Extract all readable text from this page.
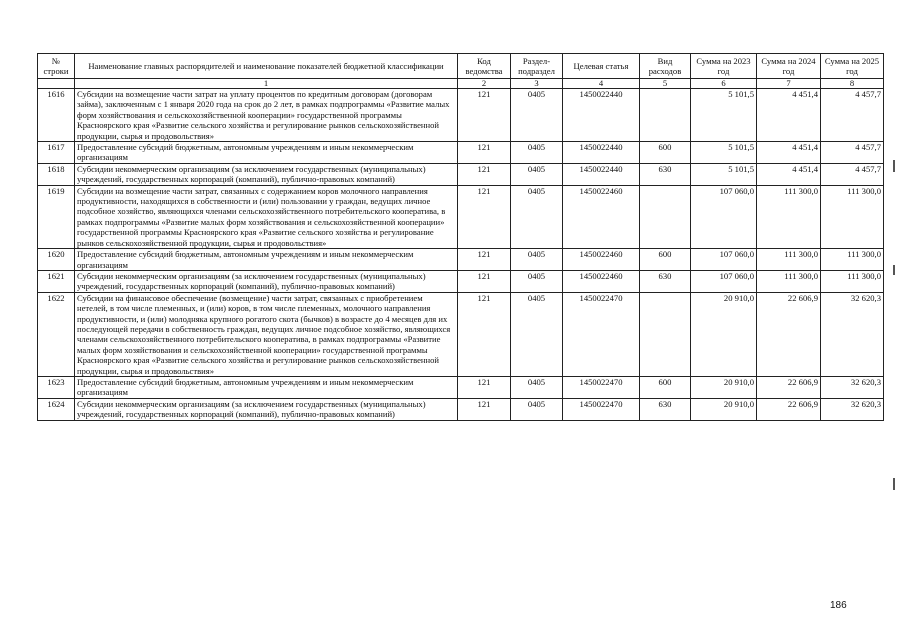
№ строки	Наименование главных распорядителей и наименование показателей бюджетной классификации	Код ведомства	Раздел-подраздел	Целевая статья	Вид расходов	Сумма на 2023 год	Сумма на 2024 год	Сумма на 2025 год
	1	2	3	4	5	6	7	8
1616	Субсидии на возмещение части затрат на уплату процентов по кредитным договорам (договорам займа), заключенным с 1 января 2020 года на срок до 2 лет, в рамках подпрограммы «Развитие малых форм хозяйствования и сельскохозяйственной кооперации» государственной программы Красноярского края «Развитие сельского хозяйства и регулирование рынков сельскохозяйственной продукции, сырья и продовольствия»	121	0405	1450022440		5 101,5	4 451,4	4 457,7
1617	Предоставление субсидий бюджетным, автономным учреждениям и иным некоммерческим организациям	121	0405	1450022440	600	5 101,5	4 451,4	4 457,7
1618	Субсидии некоммерческим организациям (за исключением государственных (муниципальных) учреждений, государственных корпораций (компаний), публично-правовых компаний)	121	0405	1450022440	630	5 101,5	4 451,4	4 457,7
1619	Субсидии на возмещение части затрат, связанных с содержанием коров молочного направления продуктивности, находящихся в собственности и (или) пользовании у граждан, ведущих личное подсобное хозяйство, являющихся членами сельскохозяйственного потребительского кооператива, в рамках подпрограммы «Развитие малых форм хозяйствования и сельскохозяйственной кооперации» государственной программы Красноярского края «Развитие сельского хозяйства и регулирование рынков сельскохозяйственной продукции, сырья и продовольствия»	121	0405	1450022460		107 060,0	111 300,0	111 300,0
1620	Предоставление субсидий бюджетным, автономным учреждениям и иным некоммерческим организациям	121	0405	1450022460	600	107 060,0	111 300,0	111 300,0
1621	Субсидии некоммерческим организациям (за исключением государственных (муниципальных) учреждений, государственных корпораций (компаний), публично-правовых компаний)	121	0405	1450022460	630	107 060,0	111 300,0	111 300,0
1622	Субсидии на финансовое обеспечение (возмещение) части затрат, связанных с приобретением нетелей, в том числе племенных, и (или) коров, в том числе племенных, молочного направления продуктивности, и (или) молодняка крупного рогатого скота (бычков) в возрасте до 4 месяцев для их последующей передачи в собственность граждан, ведущих личное подсобное хозяйство, являющихся членами сельскохозяйственного потребительского кооператива, в рамках подпрограммы «Развитие малых форм хозяйствования и сельскохозяйственной кооперации» государственной программы Красноярского края «Развитие сельского хозяйства и регулирование рынков сельскохозяйственной продукции, сырья и продовольствия»	121	0405	1450022470		20 910,0	22 606,9	32 620,3
1623	Предоставление субсидий бюджетным, автономным учреждениям и иным некоммерческим организациям	121	0405	1450022470	600	20 910,0	22 606,9	32 620,3
1624	Субсидии некоммерческим организациям (за исключением государственных (муниципальных) учреждений, государственных корпораций (компаний), публично-правовых компаний)	121	0405	1450022470	630	20 910,0	22 606,9	32 620,3
186
